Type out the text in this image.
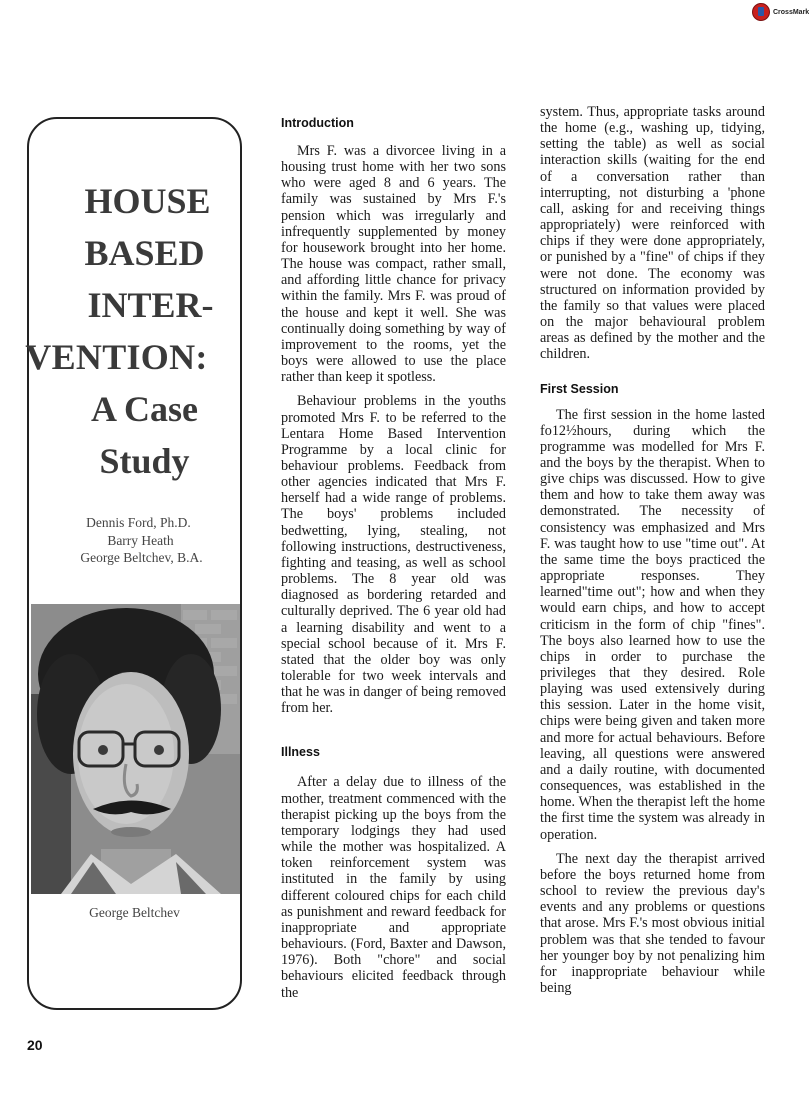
CrossMark
HOUSE
BASED
INTER-
VENTION:
A Case
Study
Dennis Ford, Ph.D.
Barry Heath
George Beltchev, B.A.
George Beltchev
Introduction

Mrs F. was a divorcee living in a housing trust home with her two sons who were aged 8 and 6 years. The family was sustained by Mrs F.'s pension which was irregularly and infrequently supplemented by money for housework brought into her home. The house was compact, rather small, and affording little chance for privacy within the family. Mrs F. was proud of the house and kept it well. She was continually doing something by way of improvement to the rooms, yet the boys were allowed to use the place rather than keep it spotless.

Behaviour problems in the youths promoted Mrs F. to be referred to the Lentara Home Based Intervention Programme by a local clinic for behaviour problems. Feedback from other agencies indicated that Mrs F. herself had a wide range of problems. The boys' problems included bedwetting, lying, stealing, not following instructions, destructiveness, fighting and teasing, as well as school problems. The 8 year old was diagnosed as bordering retarded and culturally deprived. The 6 year old had a learning disability and went to a special school because of it. Mrs F. stated that the older boy was only tolerable for two week intervals and that he was in danger of being removed from her.

Illness

After a delay due to illness of the mother, treatment commenced with the therapist picking up the boys from the temporary lodgings they had used while the mother was hospitalized. A token reinforcement system was instituted in the family by using different coloured chips for each child as punishment and reward feedback for inappropriate and appropriate behaviours. (Ford, Baxter and Dawson, 1976). Both "chore" and social behaviours elicited feedback through the

system. Thus, appropriate tasks around the home (e.g., washing up, tidying, setting the table) as well as social interaction skills (waiting for the end of a conversation rather than interrupting, not disturbing a 'phone call, asking for and receiving things appropriately) were reinforced with chips if they were done appropriately, or punished by a "fine" of chips if they were not done. The economy was structured on information provided by the family so that values were placed on the major behavioural problem areas as defined by the mother and the children.

First Session

The first session in the home lasted fo12½hours, during which the programme was modelled for Mrs F. and the boys by the therapist. When to give chips was discussed. How to give them and how to take them away was demonstrated. The necessity of consistency was emphasized and Mrs F. was taught how to use "time out". At the same time the boys practiced the appropriate responses. They learned"time out"; how and when they would earn chips, and how to accept criticism in the form of chip "fines". The boys also learned how to use the chips in order to purchase the privileges that they desired. Role playing was used extensively during this session. Later in the home visit, chips were being given and taken more and more for actual behaviours. Before leaving, all questions were answered and a daily routine, with documented consequences, was established in the home. When the therapist left the home the first time the system was already in operation.

The next day the therapist arrived before the boys returned home from school to review the previous day's events and any problems or questions that arose. Mrs F.'s most obvious initial problem was that she tended to favour her younger boy by not penalizing him for inappropriate behaviour while being

20
